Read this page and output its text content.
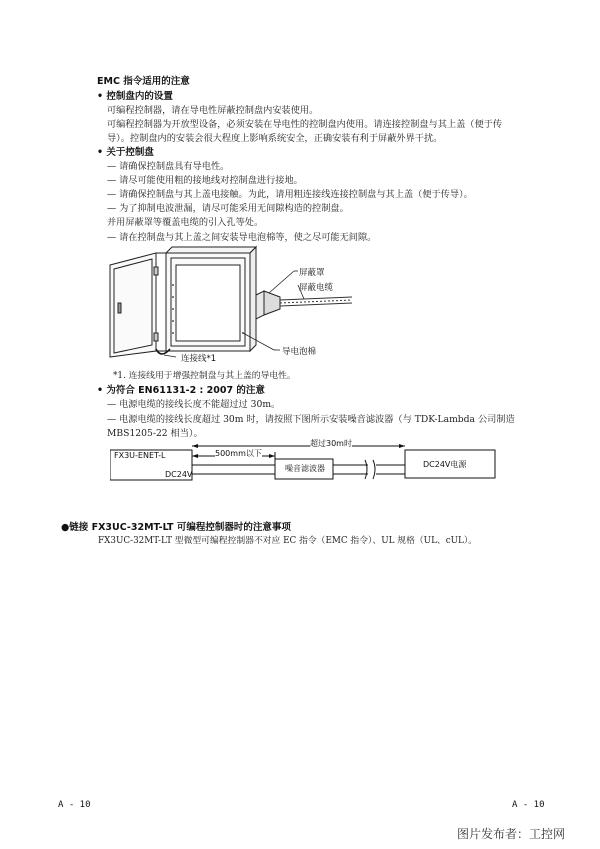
EMC 指令适用的注意
• 控制盘内的设置
可编程控制器，请在导电性屏蔽控制盘内安装使用。
可编程控制器为开放型设备，必须安装在导电性的控制盘内使用。请连接控制盘与其上盖（便于传
导）。控制盘内的安装会很大程度上影响系统安全，正确安装有利于屏蔽外界干扰。
• 关于控制盘
— 请确保控制盘具有导电性。
— 请尽可能使用粗的接地线对控制盘进行接地。
— 请确保控制盘与其上盖电接触。为此，请用粗连接线连接控制盘与其上盖（便于传导）。
— 为了抑制电波泄漏，请尽可能采用无间隙构造的控制盘。
并用屏蔽罩等覆盖电缆的引入孔等处。
— 请在控制盘与其上盖之间安装导电泡棉等，使之尽可能无间隙。
屏蔽罩
屏蔽电缆
导电泡棉
连接线*1
*1. 连接线用于增强控制盘与其上盖的导电性。
• 为符合 EN61131-2 : 2007 的注意
— 电源电缆的接线长度不能超过过 30m。
— 电源电缆的接线长度超过 30m 时，请按照下图所示安装噪音滤波器（与 TDK-Lambda 公司制造
MBS1205-22 相当）。
FX3U-ENET-L
DC24V
500mm以下
超过30m时
噪音滤波器	DC24V电源
●链接 FX3UC-32MT-LT 可编程控制器时的注意事项
FX3UC-32MT-LT 型微型可编程控制器不对应 EC 指令（EMC 指令）、UL 规格（UL、cUL）。
A - 10	A - 10
图片发布者：工控网
